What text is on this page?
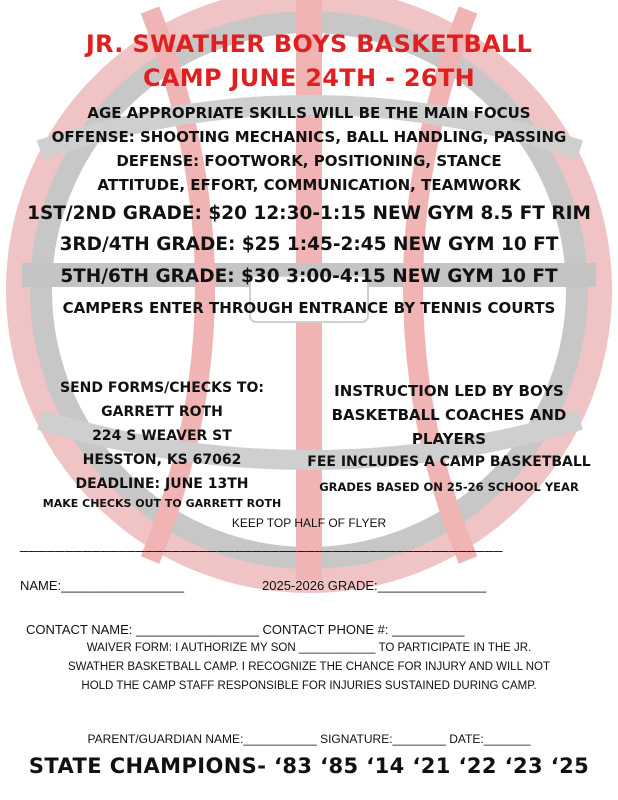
JR. SWATHER BOYS BASKETBALL
CAMP JUNE 24TH - 26TH
AGE APPROPRIATE SKILLS WILL BE THE MAIN FOCUS
OFFENSE: SHOOTING MECHANICS, BALL HANDLING, PASSING
DEFENSE: FOOTWORK, POSITIONING, STANCE
ATTITUDE, EFFORT, COMMUNICATION, TEAMWORK
1ST/2ND GRADE: $20 12:30-1:15 NEW GYM 8.5 FT RIM
3RD/4TH GRADE: $25 1:45-2:45 NEW GYM 10 FT
5TH/6TH GRADE: $30 3:00-4:15 NEW GYM 10 FT
CAMPERS ENTER THROUGH ENTRANCE BY TENNIS COURTS
SEND FORMS/CHECKS TO:
GARRETT ROTH
224 S WEAVER ST
HESSTON, KS 67062
DEADLINE: JUNE 13TH
MAKE CHECKS OUT TO GARRETT ROTH
INSTRUCTION LED BY BOYS
BASKETBALL COACHES AND
PLAYERS
FEE INCLUDES A CAMP BASKETBALL
GRADES BASED ON 25-26 SCHOOL YEAR
KEEP TOP HALF OF FLYER
______________________________________________________
NAME:_________________	2025-2026 GRADE:_______________
CONTACT NAME: _________________ CONTACT PHONE #: __________
WAIVER FORM: I AUTHORIZE MY SON ____________ TO PARTICIPATE IN THE JR.
SWATHER BASKETBALL CAMP. I RECOGNIZE THE CHANCE FOR INJURY AND WILL NOT
HOLD THE CAMP STAFF RESPONSIBLE FOR INJURIES SUSTAINED DURING CAMP.
PARENT/GUARDIAN NAME:___________ SIGNATURE:________ DATE:_______
STATE CHAMPIONS- ‘83 ‘85 ‘14 ‘21 ‘22 ‘23 ‘25
